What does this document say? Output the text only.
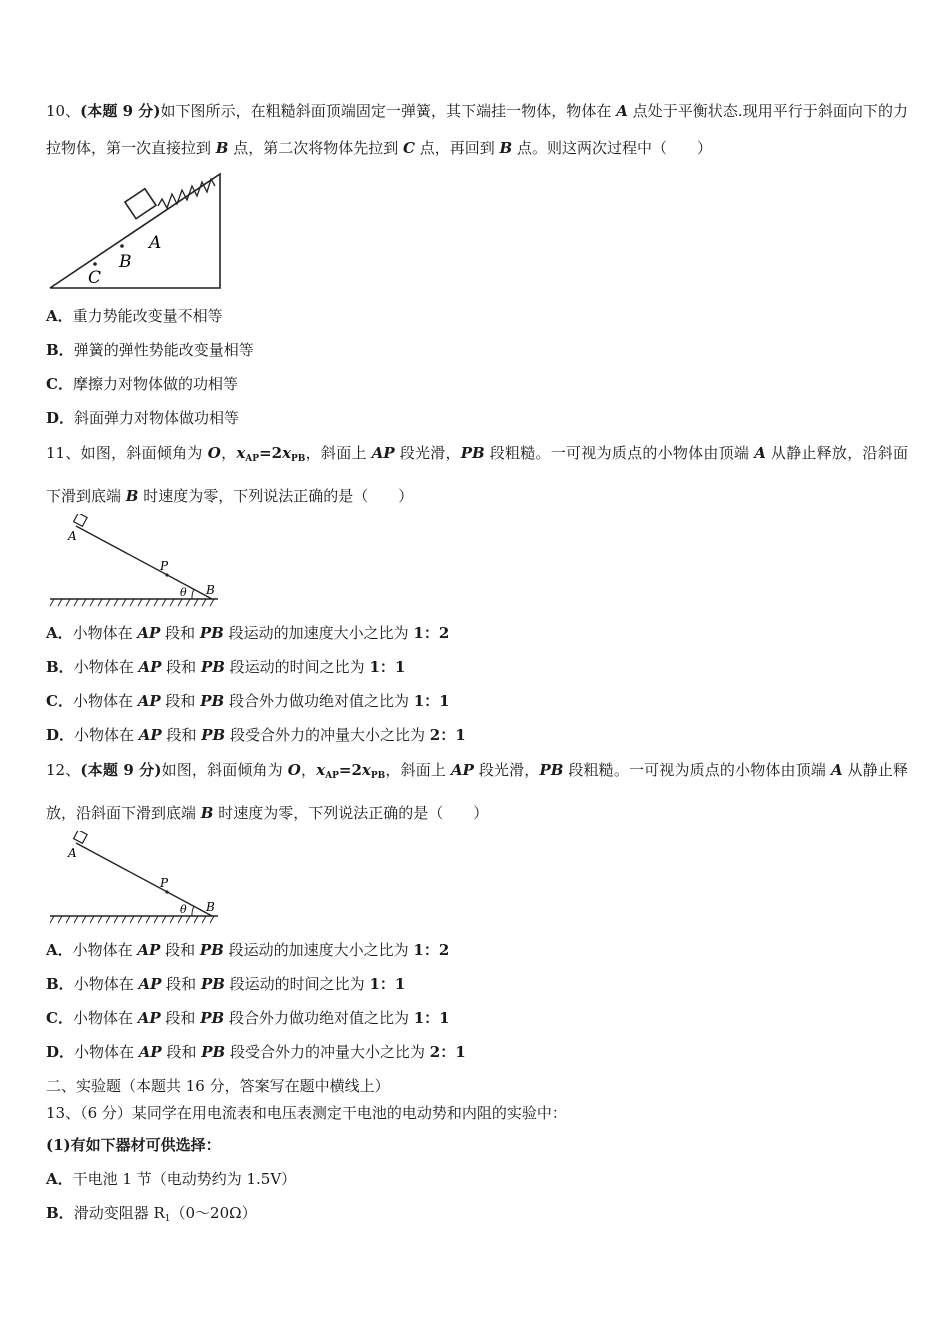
10、(本题 9 分)如下图所示，在粗糙斜面顶端固定一弹簧，其下端挂一物体，物体在 A 点处于平衡状态.现用平行于斜面向下的力拉物体，第一次直接拉到 B 点，第二次将物体先拉到 C 点，再回到 B 点。则这两次过程中（　　）
A
B
C
A．重力势能改变量不相等
B．弹簧的弹性势能改变量相等
C．摩擦力对物体做的功相等
D．斜面弹力对物体做功相等
11、如图，斜面倾角为 O，$x_{AP}=2x_{PB}$，斜面上 AP 段光滑，PB 段粗糙。一可视为质点的小物体由顶端 A 从静止释放，沿斜面下滑到底端 B 时速度为零，下列说法正确的是（　　）
A
P
θ B
A．小物体在 AP 段和 PB 段运动的加速度大小之比为 1：2
B．小物体在 AP 段和 PB 段运动的时间之比为 1：1
C．小物体在 AP 段和 PB 段合外力做功绝对值之比为 1：1
D．小物体在 AP 段和 PB 段受合外力的冲量大小之比为 2：1
12、(本题 9 分)如图，斜面倾角为 O，$x_{AP}=2x_{PB}$，斜面上 AP 段光滑，PB 段粗糙。一可视为质点的小物体由顶端 A 从静止释放，沿斜面下滑到底端 B 时速度为零，下列说法正确的是（　　）
A
P
θ B
A．小物体在 AP 段和 PB 段运动的加速度大小之比为 1：2
B．小物体在 AP 段和 PB 段运动的时间之比为 1：1
C．小物体在 AP 段和 PB 段合外力做功绝对值之比为 1：1
D．小物体在 AP 段和 PB 段受合外力的冲量大小之比为 2：1
二、实验题（本题共 16 分，答案写在题中横线上）
13、（6 分）某同学在用电流表和电压表测定干电池的电动势和内阻的实验中：
(1)有如下器材可供选择：
A．干电池 1 节（电动势约为 1.5V）
B．滑动变阻器 $R_1(0\sim 20\Omega)$
